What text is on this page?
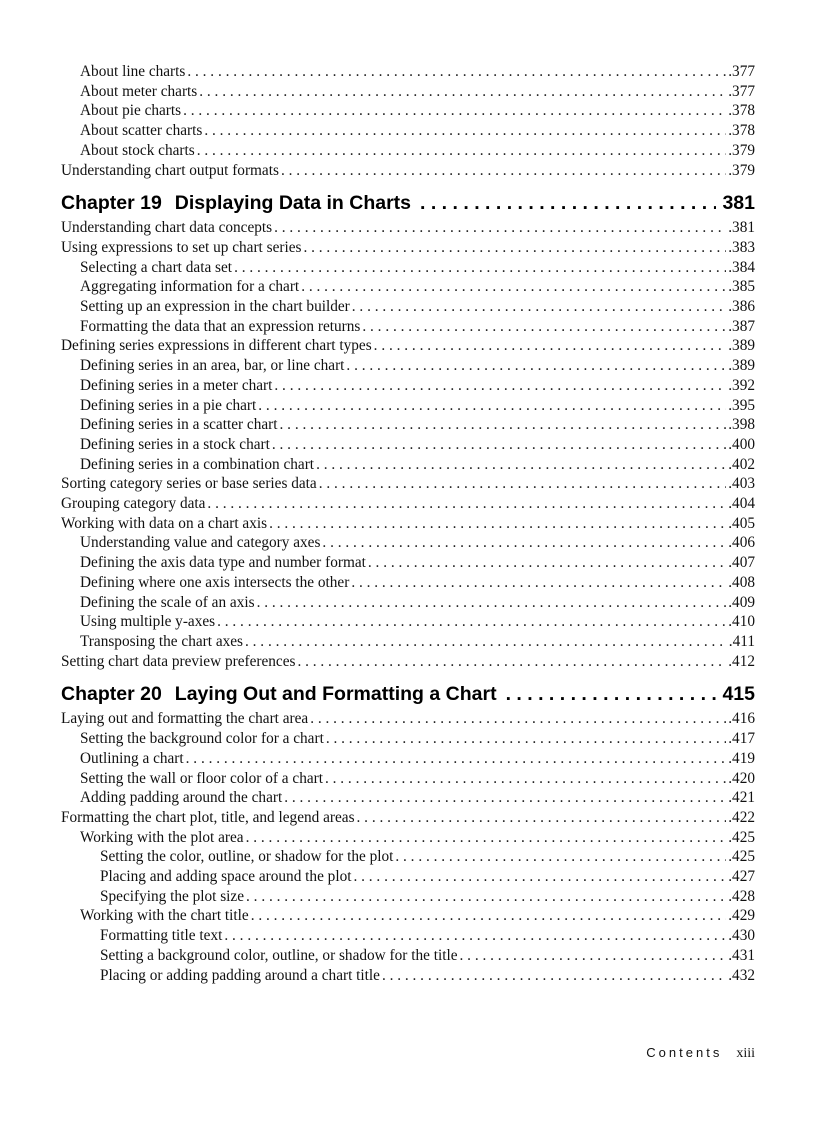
About line charts . . .	.377
About meter charts . . .	.377
About pie charts . . .	.378
About scatter charts . . .	.378
About stock charts . . .	.379
Understanding chart output formats . . .	.379
Chapter 19 Displaying Data in Charts . . .	381
Understanding chart data concepts . . .	.381
Using expressions to set up chart series . . .	.383
Selecting a chart data set . . .	.384
Aggregating information for a chart . . .	.385
Setting up an expression in the chart builder . . .	.386
Formatting the data that an expression returns . . .	.387
Defining series expressions in different chart types . . .	.389
Defining series in an area, bar, or line chart . . .	.389
Defining series in a meter chart . . .	.392
Defining series in a pie chart . . .	.395
Defining series in a scatter chart . . .	.398
Defining series in a stock chart . . .	.400
Defining series in a combination chart . . .	.402
Sorting category series or base series data . . .	.403
Grouping category data . . .	.404
Working with data on a chart axis . . .	.405
Understanding value and category axes . . .	.406
Defining the axis data type and number format . . .	.407
Defining where one axis intersects the other . . .	.408
Defining the scale of an axis . . .	.409
Using multiple y-axes . . .	.410
Transposing the chart axes . . .	.411
Setting chart data preview preferences . . .	.412
Chapter 20 Laying Out and Formatting a Chart . . .	415
Laying out and formatting the chart area . . .	.416
Setting the background color for a chart . . .	.417
Outlining a chart . . .	.419
Setting the wall or floor color of a chart . . .	.420
Adding padding around the chart . . .	.421
Formatting the chart plot, title, and legend areas . . .	.422
Working with the plot area . . .	.425
Setting the color, outline, or shadow for the plot . . .	.425
Placing and adding space around the plot . . .	.427
Specifying the plot size . . .	.428
Working with the chart title . . .	.429
Formatting title text . . .	.430
Setting a background color, outline, or shadow for the title . . .	.431
Placing or adding padding around a chart title . . .	.432
Contents xiii
